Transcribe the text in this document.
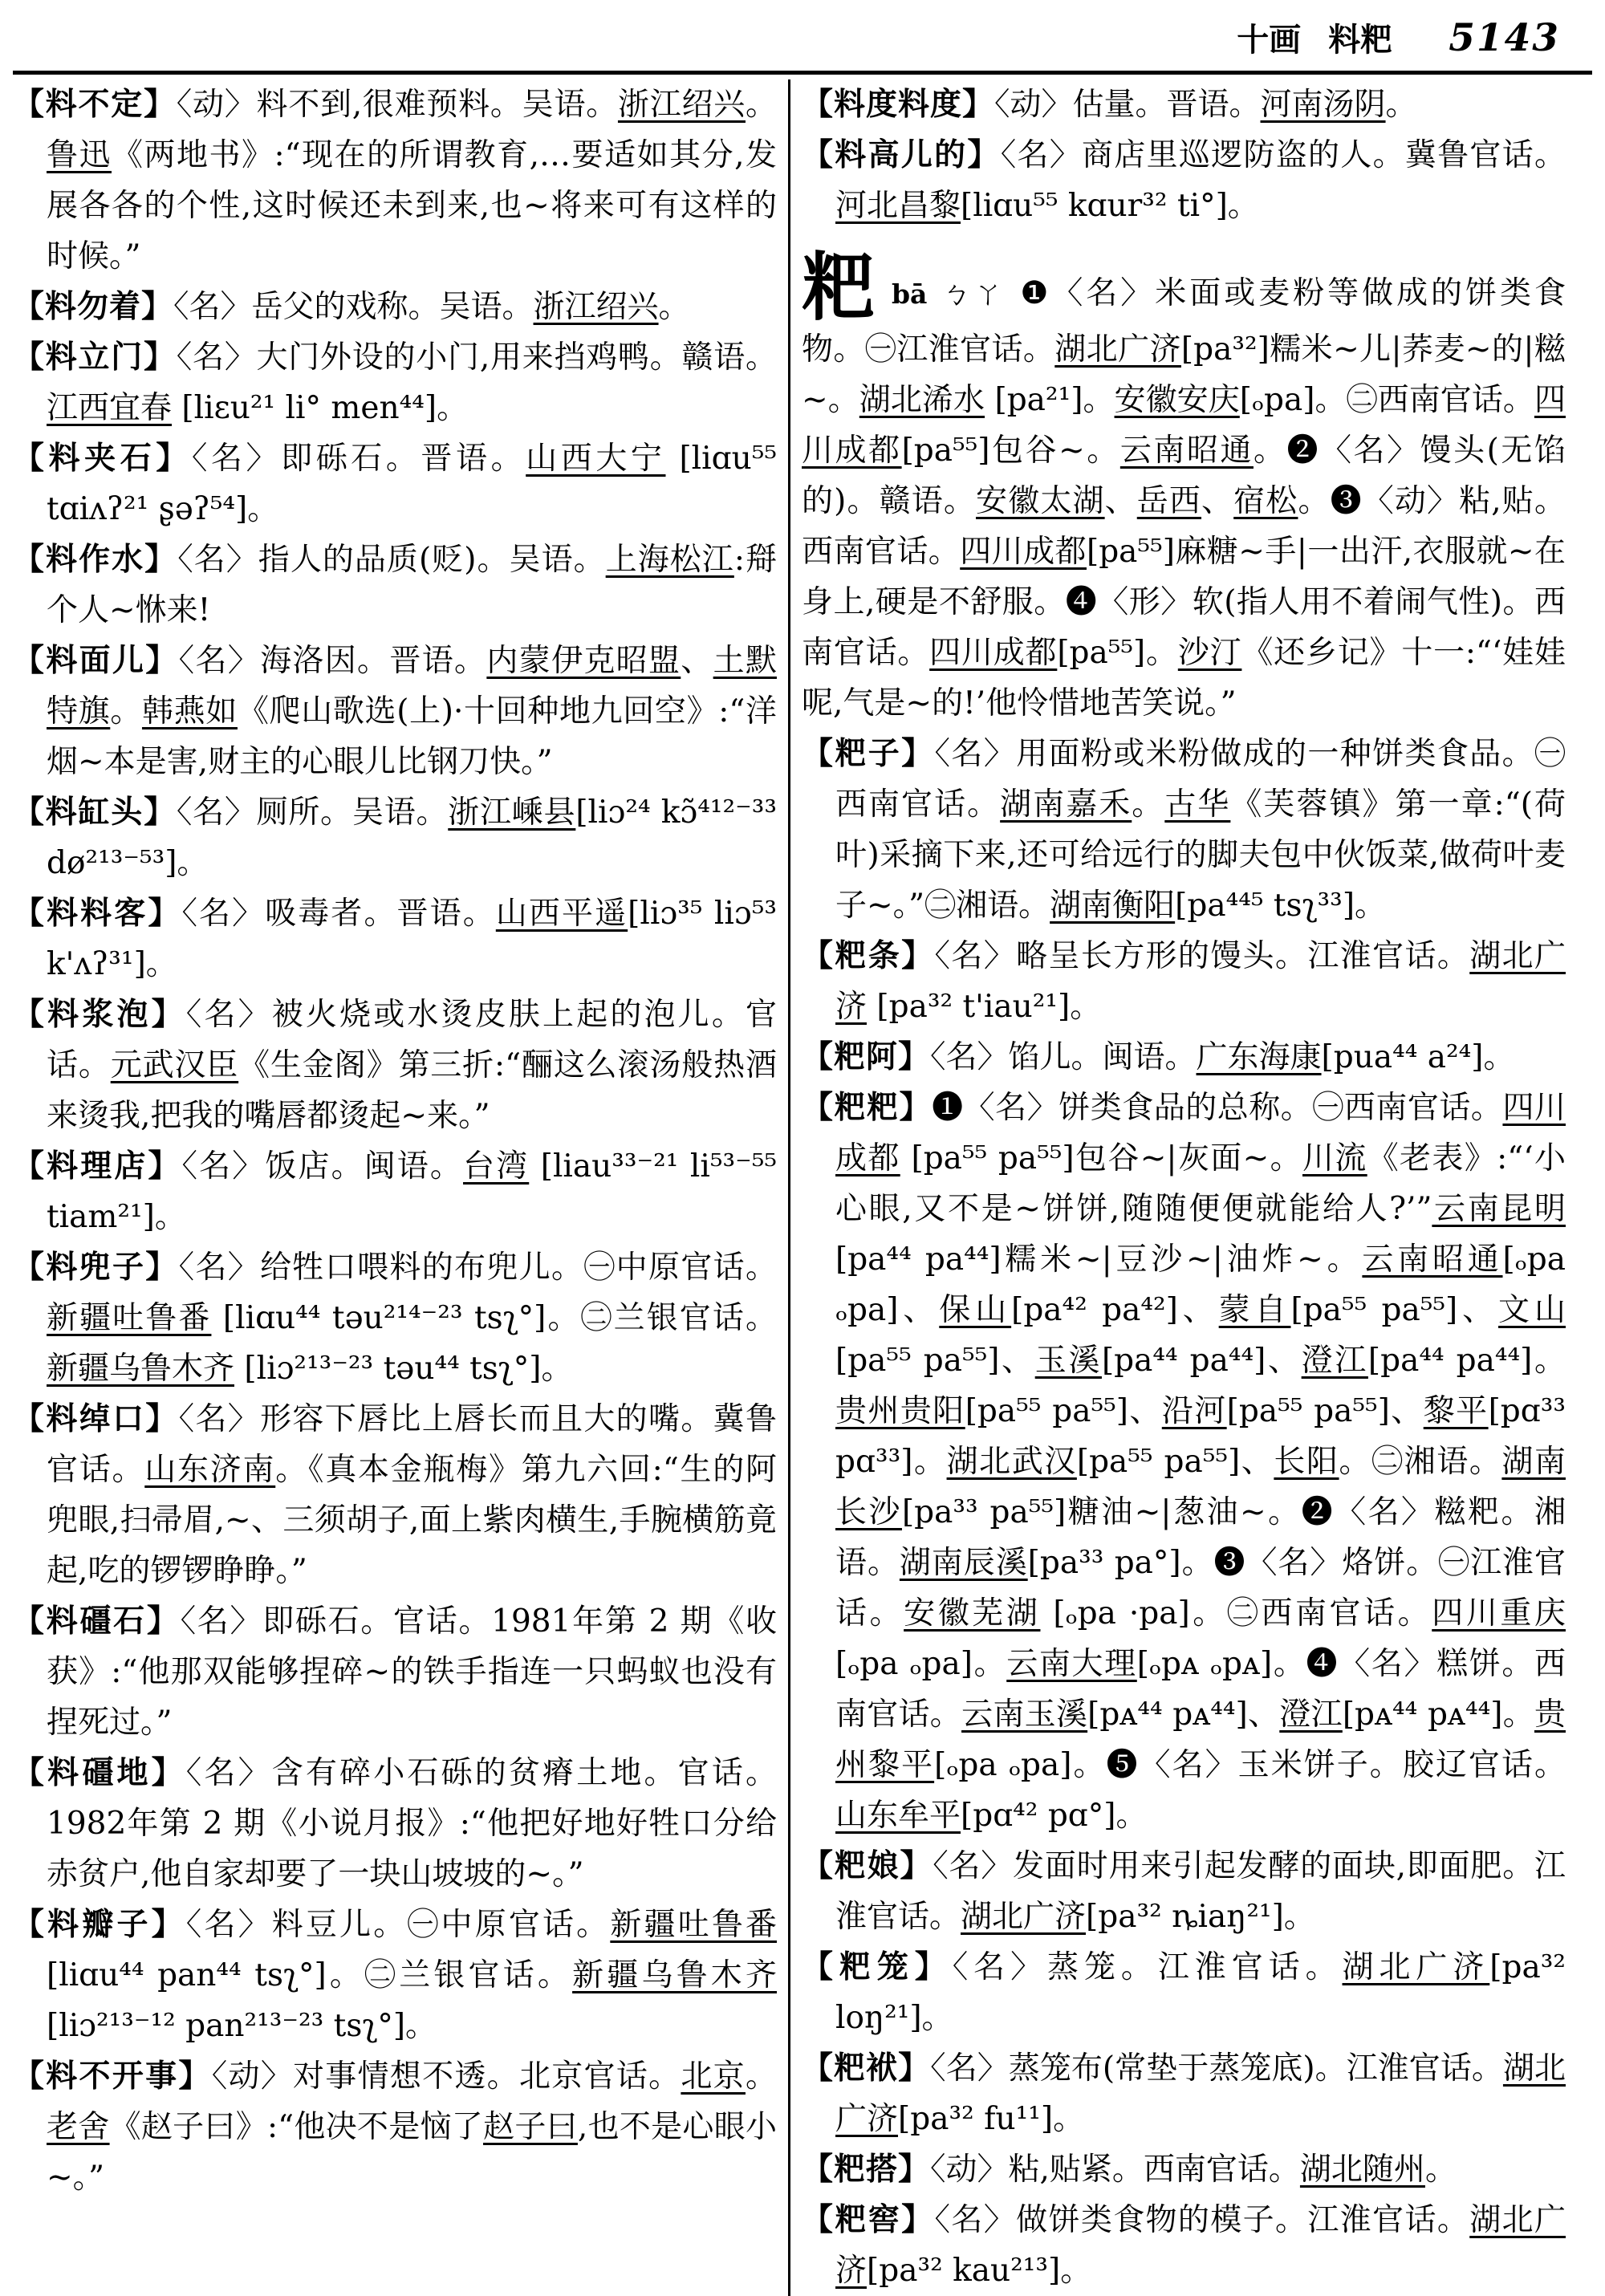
十画 料粑 5143
【料不定】〈动〉料不到,很难预料。吴语。浙江绍兴。鲁迅《两地书》:“现在的所谓教育,…要适如其分,发展各各的个性,这时候还未到来,也~将来可有这样的时候。”
【料勿着】〈名〉岳父的戏称。吴语。浙江绍兴。
【料立门】〈名〉大门外设的小门,用来挡鸡鸭。赣语。江西宜春 [liɛu²¹ li° men⁴⁴]。
【料夹石】〈名〉即砾石。晋语。山西大宁 [liɑu⁵⁵ tɑiʌʔ²¹ ʂəʔ⁵⁴]。
【料作水】〈名〉指人的品质(贬)。吴语。上海松江:搿个人~恘来!
【料面儿】〈名〉海洛因。晋语。内蒙伊克昭盟、土默特旗。韩燕如《爬山歌选(上)·十回种地九回空》:“洋烟~本是害,财主的心眼儿比钢刀快。”
【料缸头】〈名〉厕所。吴语。浙江嵊县[liɔ²⁴ kɔ̃⁴¹²⁻³³ dø²¹³⁻⁵³]。
【料料客】〈名〉吸毒者。晋语。山西平遥[liɔ³⁵ liɔ⁵³ k'ʌʔ³¹]。
【料浆泡】〈名〉被火烧或水烫皮肤上起的泡儿。官话。元武汉臣《生金阁》第三折:“酾这么滚汤般热酒来烫我,把我的嘴唇都烫起~来。”
【料理店】〈名〉饭店。闽语。台湾 [liau³³⁻²¹ li⁵³⁻⁵⁵ tiam²¹]。
【料兜子】〈名〉给牲口喂料的布兜儿。㊀中原官话。新疆吐鲁番 [liɑu⁴⁴ təu²¹⁴⁻²³ tsʅ°]。㊁兰银官话。新疆乌鲁木齐 [liɔ²¹³⁻²³ təu⁴⁴ tsʅ°]。
【料绰口】〈名〉形容下唇比上唇长而且大的嘴。冀鲁官话。山东济南。《真本金瓶梅》第九六回:“生的阿兜眼,扫帚眉,~、三须胡子,面上紫肉横生,手腕横筋竟起,吃的锣锣睁睁。”
【料礓石】〈名〉即砾石。官话。1981年第 2 期《收获》:“他那双能够捏碎~的铁手指连一只蚂蚁也没有捏死过。”
【料礓地】〈名〉含有碎小石砾的贫瘠土地。官话。1982年第 2 期《小说月报》:“他把好地好牲口分给赤贫户,他自家却要了一块山坡坡的~。”
【料瓣子】〈名〉料豆儿。㊀中原官话。新疆吐鲁番 [liɑu⁴⁴ pan⁴⁴ tsʅ°]。㊁兰银官话。新疆乌鲁木齐 [liɔ²¹³⁻¹² pan²¹³⁻²³ tsʅ°]。
【料不开事】〈动〉对事情想不透。北京官话。北京。老舍《赵子曰》:“他决不是恼了赵子曰,也不是心眼小~。”
【料度料度】〈动〉估量。晋语。河南汤阴。
【料高儿的】〈名〉商店里巡逻防盗的人。冀鲁官话。河北昌黎[liɑu⁵⁵ kɑur³² ti°]。
粑bā ㄅㄚ ❶〈名〉米面或麦粉等做成的饼类食物。㊀江淮官话。湖北广济[pa³²]糯米~儿|荞麦~的|糍~。湖北浠水 [pa²¹]。安徽安庆[ₒpa]。㊁西南官话。四川成都[pa⁵⁵]包谷~。云南昭通。❷〈名〉馒头(无馅的)。赣语。安徽太湖、岳西、宿松。❸〈动〉粘,贴。西南官话。四川成都[pa⁵⁵]麻糖~手|一出汗,衣服就~在身上,硬是不舒服。❹〈形〉软(指人用不着闹气性)。西南官话。四川成都[pa⁵⁵]。沙汀《还乡记》十一:“‘娃娃呢,气是~的!’他怜惜地苦笑说。”
【粑子】〈名〉用面粉或米粉做成的一种饼类食品。㊀西南官话。湖南嘉禾。古华《芙蓉镇》第一章:“(荷叶)采摘下来,还可给远行的脚夫包中伙饭菜,做荷叶麦子~。”㊁湘语。湖南衡阳[pa⁴⁴⁵ tsʅ³³]。
【粑条】〈名〉略呈长方形的馒头。江淮官话。湖北广济 [pa³² t'iau²¹]。
【粑阿】〈名〉馅儿。闽语。广东海康[pua⁴⁴ a²⁴]。
【粑粑】❶〈名〉饼类食品的总称。㊀西南官话。四川成都 [pa⁵⁵ pa⁵⁵]包谷~|灰面~。川流《老表》:“‘小心眼,又不是~饼饼,随随便便就能给人?’”云南昆明[pa⁴⁴ pa⁴⁴]糯米~|豆沙~|油炸~。云南昭通[ₒpa ₒpa]、保山[pa⁴² pa⁴²]、蒙自[pa⁵⁵ pa⁵⁵]、文山[pa⁵⁵ pa⁵⁵]、玉溪[pa⁴⁴ pa⁴⁴]、澄江[pa⁴⁴ pa⁴⁴]。贵州贵阳[pa⁵⁵ pa⁵⁵]、沿河[pa⁵⁵ pa⁵⁵]、黎平[pɑ³³ pɑ³³]。湖北武汉[pa⁵⁵ pa⁵⁵]、长阳。㊁湘语。湖南长沙[pa³³ pa⁵⁵]糖油~|葱油~。❷〈名〉糍粑。湘语。湖南辰溪[pa³³ pa°]。❸〈名〉烙饼。㊀江淮官话。安徽芜湖 [ₒpa ·pa]。㊁西南官话。四川重庆[ₒpa ₒpa]。云南大理[ₒpᴀ ₒpᴀ]。❹〈名〉糕饼。西南官话。云南玉溪[pᴀ⁴⁴ pᴀ⁴⁴]、澄江[pᴀ⁴⁴ pᴀ⁴⁴]。贵州黎平[ₒpa ₒpa]。❺〈名〉玉米饼子。胶辽官话。山东牟平[pɑ⁴² pɑ°]。
【粑娘】〈名〉发面时用来引起发酵的面块,即面肥。江淮官话。湖北广济[pa³² ȵiaŋ²¹]。
【粑笼】〈名〉蒸笼。江淮官话。湖北广济[pa³² loŋ²¹]。
【粑袱】〈名〉蒸笼布(常垫于蒸笼底)。江淮官话。湖北广济[pa³² fu¹¹]。
【粑搭】〈动〉粘,贴紧。西南官话。湖北随州。
【粑窖】〈名〉做饼类食物的模子。江淮官话。湖北广济[pa³² kau²¹³]。
